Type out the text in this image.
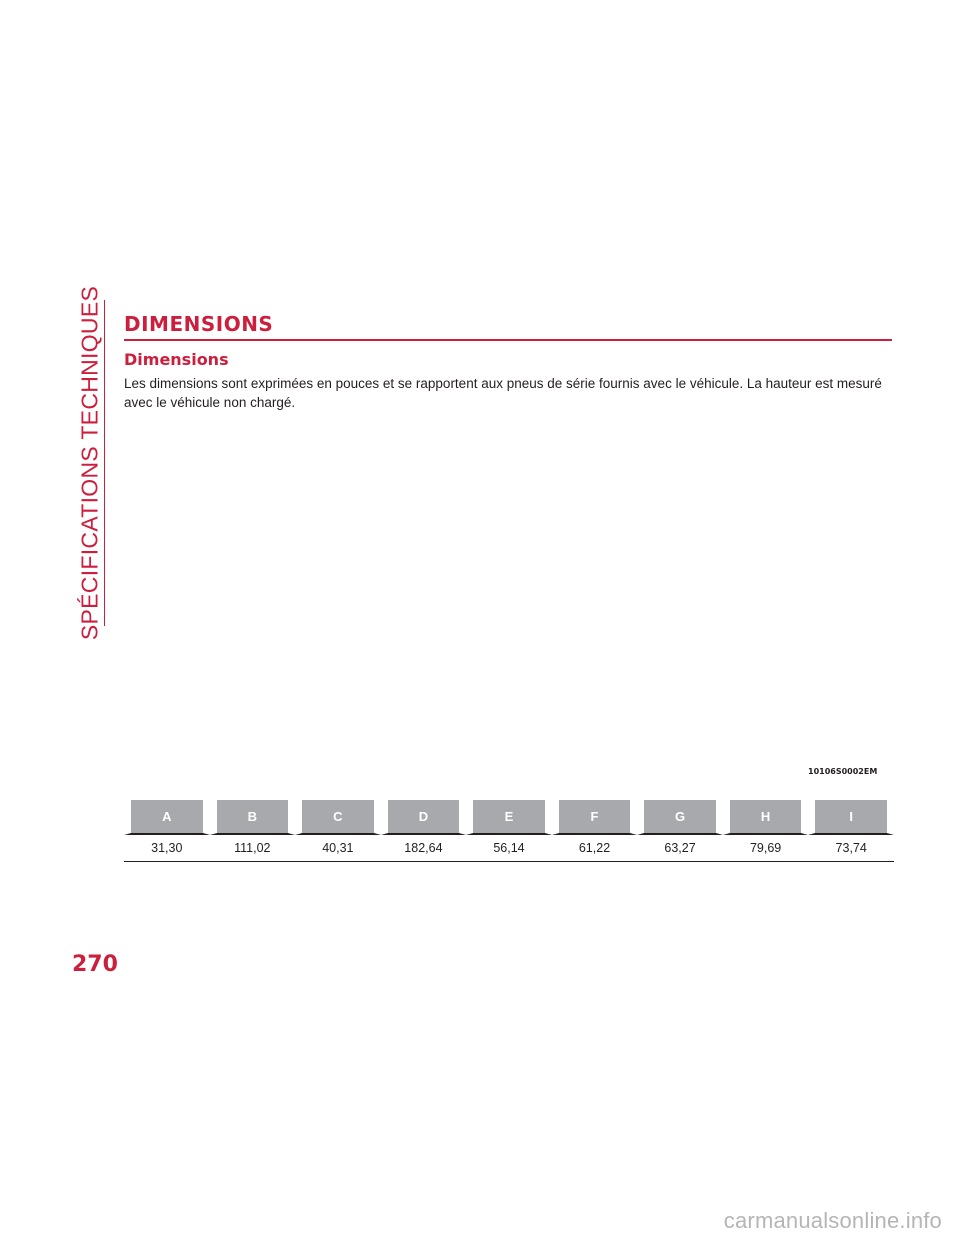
SPÉCIFICATIONS TECHNIQUES DIMENSIONS
Dimensions

Les dimensions sont exprimées en pouces et se rapportent aux pneus de série fournis avec le véhicule. La hauteur est mesuré avec le véhicule non chargé.

10106S0002EM
A	B	C	D	E	F	G	H	I
31,30	111,02	40,31	182,64	56,14	61,22	63,27	79,69	73,74
270
carmanualsonline.info
